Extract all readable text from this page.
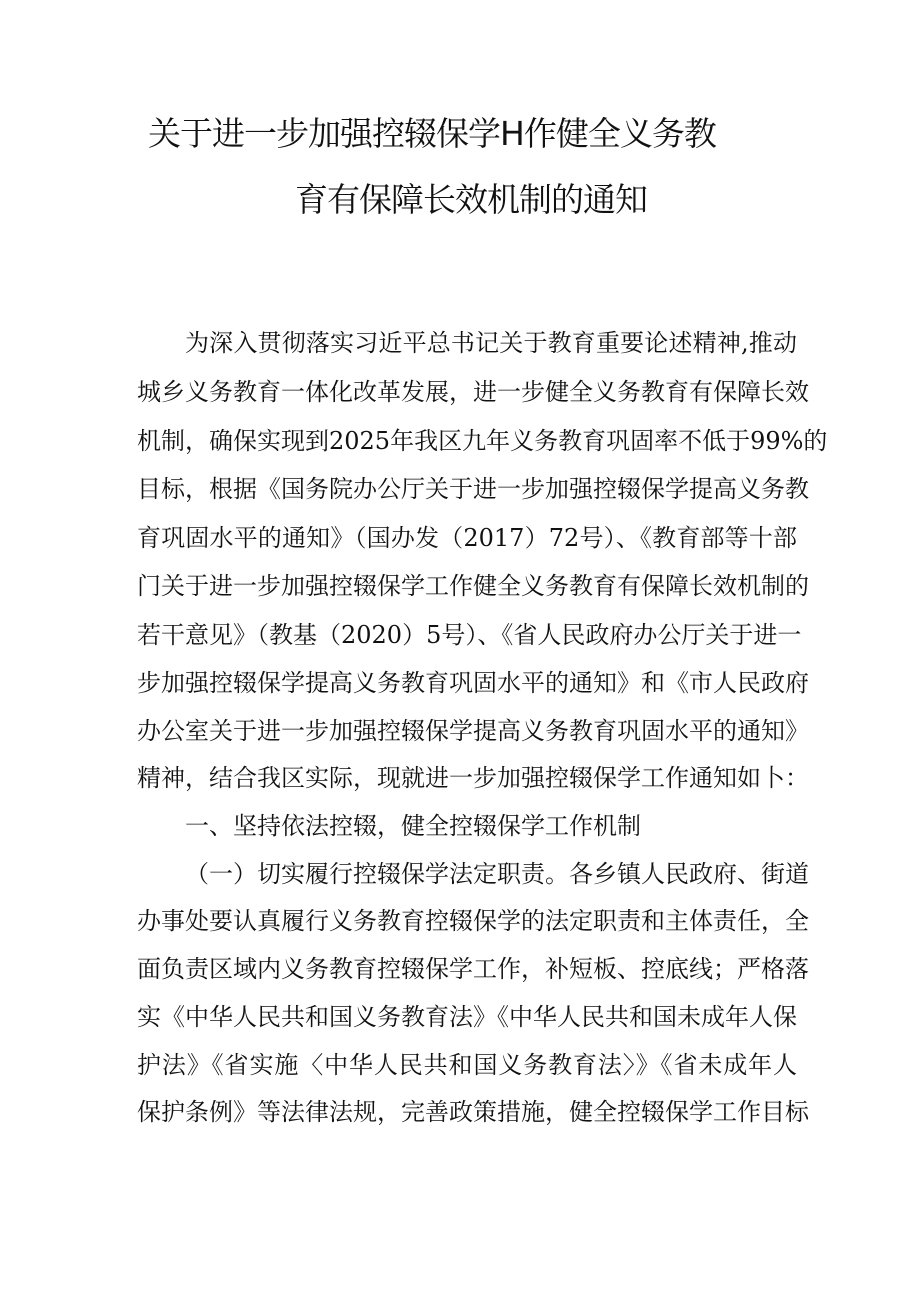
关于进一步加强控辍保学H作健全义务教
育有保障长效机制的通知
为深入贯彻落实习近平总书记关于教育重要论述精神,推动
城乡义务教育一体化改革发展，进一步健全义务教育有保障长效
机制，确保实现到2025年我区九年义务教育巩固率不低于99%的
目标，根据《国务院办公厅关于进一步加强控辍保学提高义务教
育巩固水平的通知》（国办发（2017）72号）、《教育部等十部
门关于进一步加强控辍保学工作健全义务教育有保障长效机制的
若干意见》（教基（2020）5号）、《省人民政府办公厅关于进一
步加强控辍保学提高义务教育巩固水平的通知》和《市人民政府
办公室关于进一步加强控辍保学提高义务教育巩固水平的通知》
精神，结合我区实际，现就进一步加强控辍保学工作通知如卜：
一、坚持依法控辍，健全控辍保学工作机制
（一）切实履行控辍保学法定职责。各乡镇人民政府、街道
办事处要认真履行义务教育控辍保学的法定职责和主体责任，全
面负责区域内义务教育控辍保学工作，补短板、控底线；严格落
实《中华人民共和国义务教育法》《中华人民共和国未成年人保
护法》《省实施〈中华人民共和国义务教育法〉》《省未成年人
保护条例》等法律法规，完善政策措施，健全控辍保学工作目标
